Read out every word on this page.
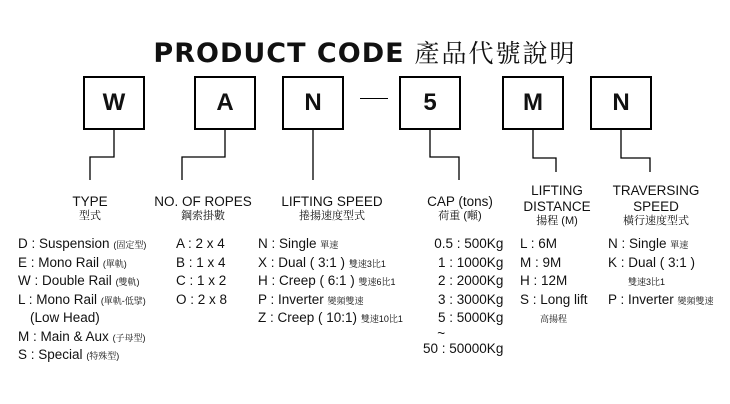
PRODUCT CODE 產品代號說明
W	A	N	5	M	N
TYPE
型式
D : Suspension (固定型)
E : Mono Rail (單軌)
W : Double Rail (雙軌)
L : Mono Rail (單軌-低擘)
(Low Head)
M : Main & Aux (子母型)
S : Special (特殊型)
NO. OF ROPES
鋼索掛數
A : 2 x 4
B : 1 x 4
C : 1 x 2
O : 2 x 8
LIFTING SPEED
捲揚速度型式
N : Single 單速
X : Dual ( 3:1 ) 雙速3比1
H : Creep ( 6:1 ) 雙速6比1
P : Inverter 變頻雙速
Z : Creep ( 10:1) 雙速10比1
CAP (tons)
荷重 (噸)
0.5 : 500Kg
1 : 1000Kg
2 : 2000Kg
3 : 3000Kg
5 : 5000Kg
~
50 : 50000Kg
LIFTING
DISTANCE
揚程 (M)
L : 6M
M : 9M
H : 12M
S : Long lift
高揚程
TRAVERSING
SPEED
橫行速度型式
N : Single 單速
K : Dual ( 3:1 )
雙速3比1
P : Inverter 變頻雙速
